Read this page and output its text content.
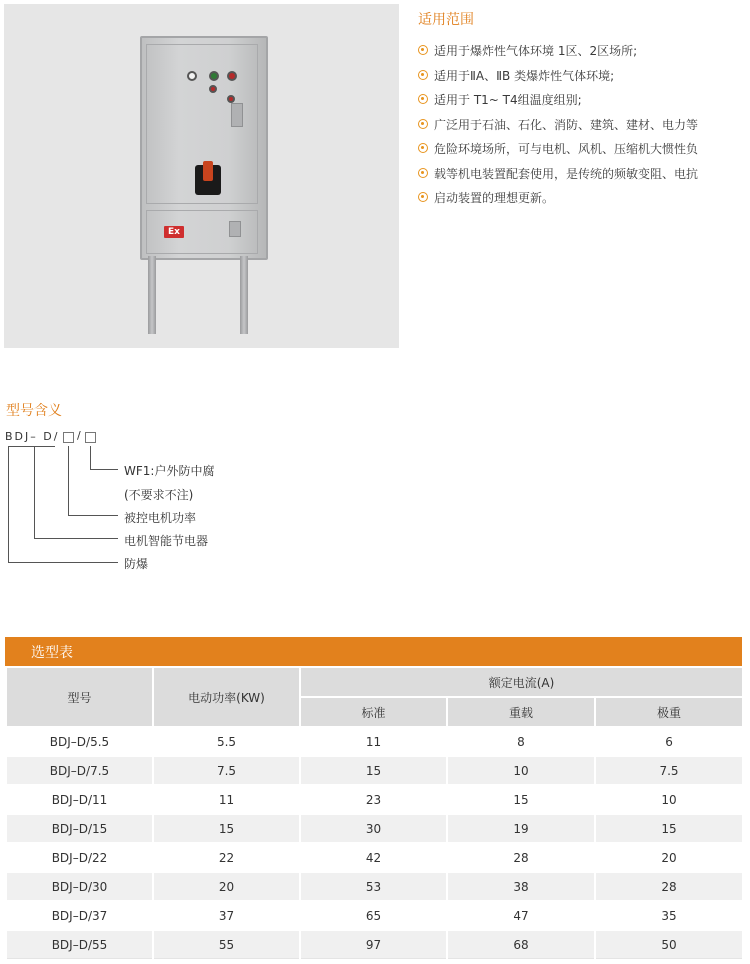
Ex
适用范围
适用于爆炸性气体环境 1区、2区场所;
适用于ⅡA、ⅡB 类爆炸性气体环境;
适用于 T1~ T4组温度组别;
广泛用于石油、石化、消防、建筑、建材、电力等
危险环境场所，可与电机、风机、压缩机大惯性负
载等机电装置配套使用，是传统的频敏变阻、电抗
启动装置的理想更新。
型号含义
BDJ– D/ /
WF1:户外防中腐
(不要求不注)
被控电机功率
电机智能节电器
防爆
选型表
型号	电动功率(KW)	额定电流(A)		
		标准	重载	极重
BDJ–D/5.5	5.5	11	8	6
BDJ–D/7.5	7.5	15	10	7.5
BDJ–D/11	11	23	15	10
BDJ–D/15	15	30	19	15
BDJ–D/22	22	42	28	20
BDJ–D/30	20	53	38	28
BDJ–D/37	37	65	47	35
BDJ–D/55	55	97	68	50
